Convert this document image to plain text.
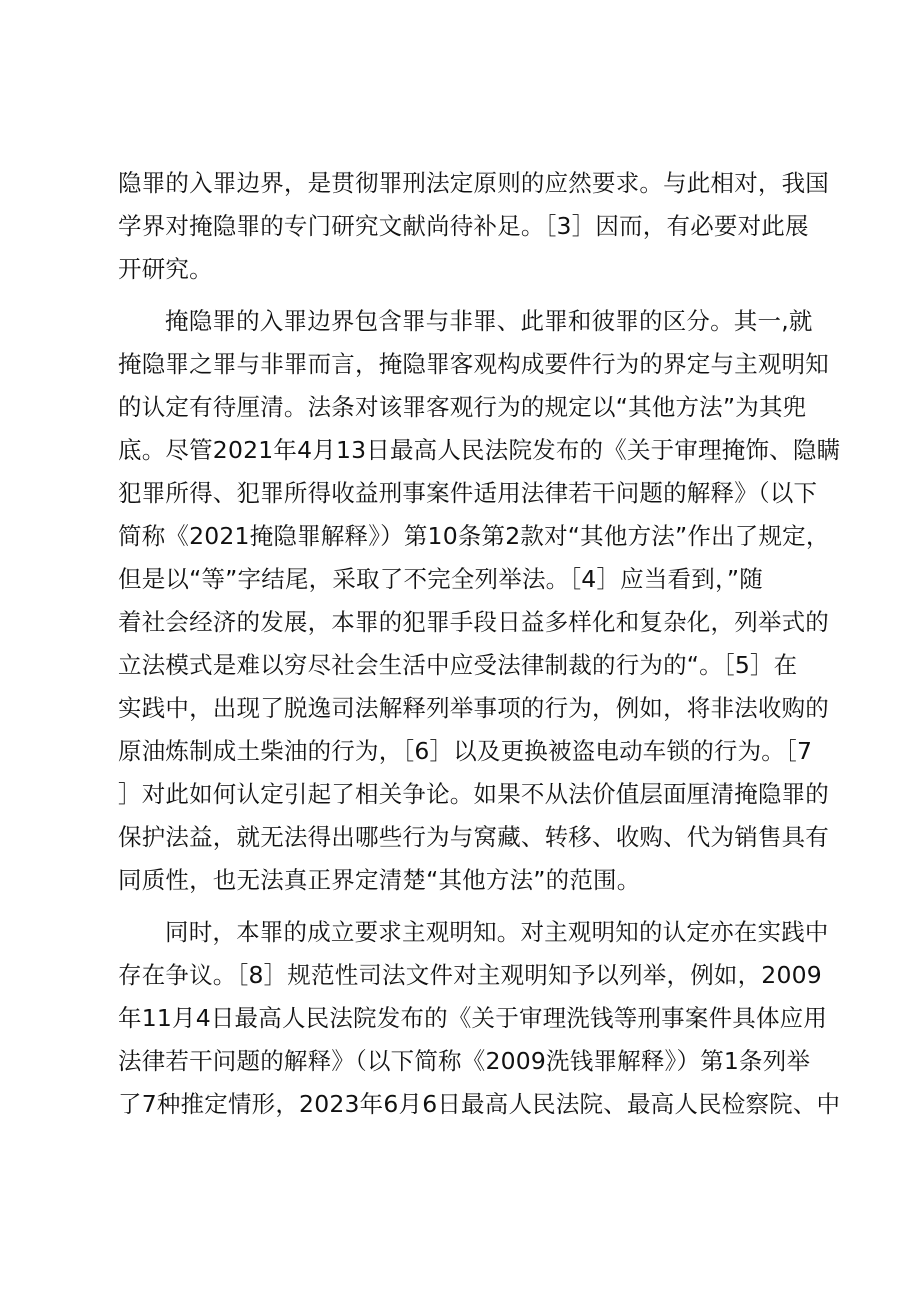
隐罪的入罪边界，是贯彻罪刑法定原则的应然要求。与此相对，我国
学界对掩隐罪的专门研究文献尚待补足。［3］因而，有必要对此展
开研究。
掩隐罪的入罪边界包含罪与非罪、此罪和彼罪的区分。其一,就
掩隐罪之罪与非罪而言，掩隐罪客观构成要件行为的界定与主观明知
的认定有待厘清。法条对该罪客观行为的规定以“其他方法”为其兜
底。尽管2021年4月13日最高人民法院发布的《关于审理掩饰、隐瞒
犯罪所得、犯罪所得收益刑事案件适用法律若干问题的解释》（以下
简称《2021掩隐罪解释》）第10条第2款对“其他方法”作出了规定，
但是以“等”字结尾，采取了不完全列举法。［4］应当看到，”随
着社会经济的发展，本罪的犯罪手段日益多样化和复杂化，列举式的
立法模式是难以穷尽社会生活中应受法律制裁的行为的“。［5］在
实践中，出现了脱逸司法解释列举事项的行为，例如，将非法收购的
原油炼制成土柴油的行为，［6］以及更换被盗电动车锁的行为。［7
］对此如何认定引起了相关争论。如果不从法价值层面厘清掩隐罪的
保护法益，就无法得出哪些行为与窝藏、转移、收购、代为销售具有
同质性，也无法真正界定清楚“其他方法”的范围。
同时，本罪的成立要求主观明知。对主观明知的认定亦在实践中
存在争议。［8］规范性司法文件对主观明知予以列举，例如，2009
年11月4日最高人民法院发布的《关于审理洗钱等刑事案件具体应用
法律若干问题的解释》（以下简称《2009洗钱罪解释》）第1条列举
了7种推定情形，2023年6月6日最高人民法院、最高人民检察院、中
